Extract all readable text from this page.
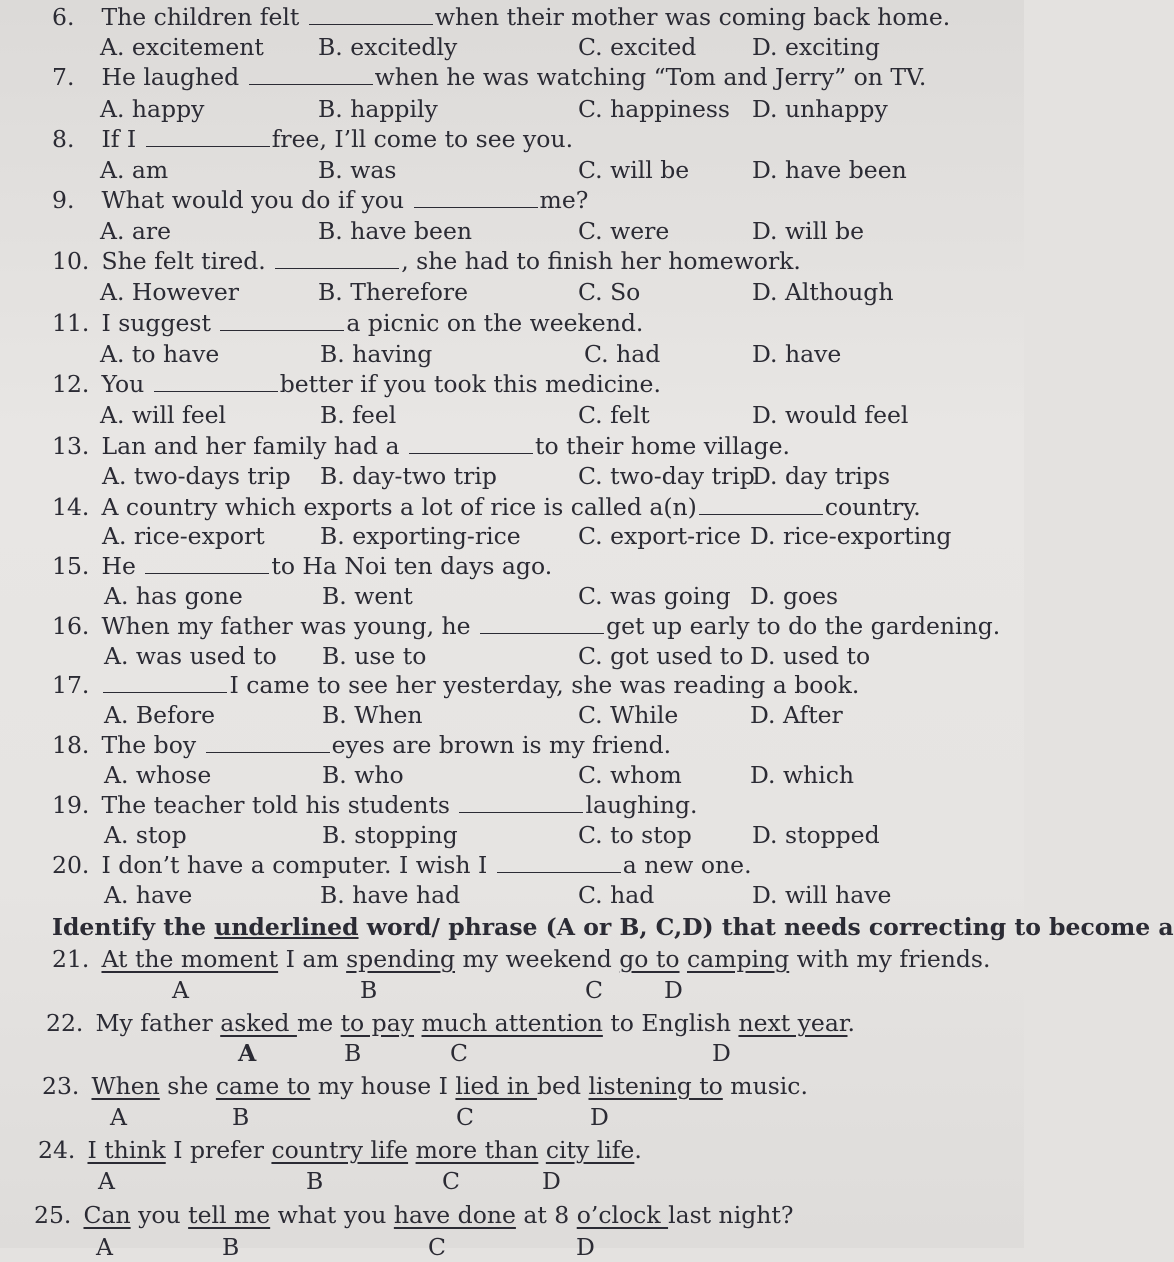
6. The children felt	when their mother was coming back home.
A. excitement B. excitedly	C. excited D. exciting
7. He laughed	when he was watching “Tom and Jerry” on TV.
A. happy	B. happily	C. happiness D. unhappy
8. If I	free, I’ll come to see you.
A. am	B. was	C. will be	D. have been
9. What would you do if you	me?
A. are	B. have been	C. were	D. will be
10. She felt tired.	, she had to finish her homework.
A. However	B. Therefore	C. So	D. Although
11. I suggest	a picnic on the weekend.
A. to have	B. having	C. had	D. have
12. You	better if you took this medicine.
A. will feel	B. feel	C. felt	D. would feel
13. Lan and her family had a	to their home village.
A. two-days trip B. day-two trip	C. two-day trip
D. day trips
14. A country which exports a lot of rice is called a(n)	country.
A. rice-export B. exporting-rice C. export-rice D. rice-exporting
15. He	to Ha Noi ten days ago.
A. has gone	B. went	C. was going D. goes
16. When my father was young, he	get up early to do the gardening.
A. was used to B. use to	C. got used to D. used to
17.	I came to see her yesterday, she was reading a book.
A. Before	B. When	C. While	D. After
18. The boy	eyes are brown is my friend.
A. whose	B. who	C. whom	D. which
19. The teacher told his students	laughing.
A. stop	B. stopping	C. to stop	D. stopped
20. I don’t have a computer. I wish I	a new one.
A. have	B. have had	C. had	D. will have
Identify the underlined word/ phrase (A or B, C,D) that needs correcting to become a
21. At the moment I am spending my weekend go to camping with my friends.
A	B	C	D
22. My father asked me to pay much attention to English next year.
A	B	C	D
23. When she came to my house I lied in bed listening to music.
A	B	C	D
24. I think I prefer country life more than city life.
A	B	C	D
25. Can you tell me what you have done at 8 o’clock last night?
A	B	C	D
